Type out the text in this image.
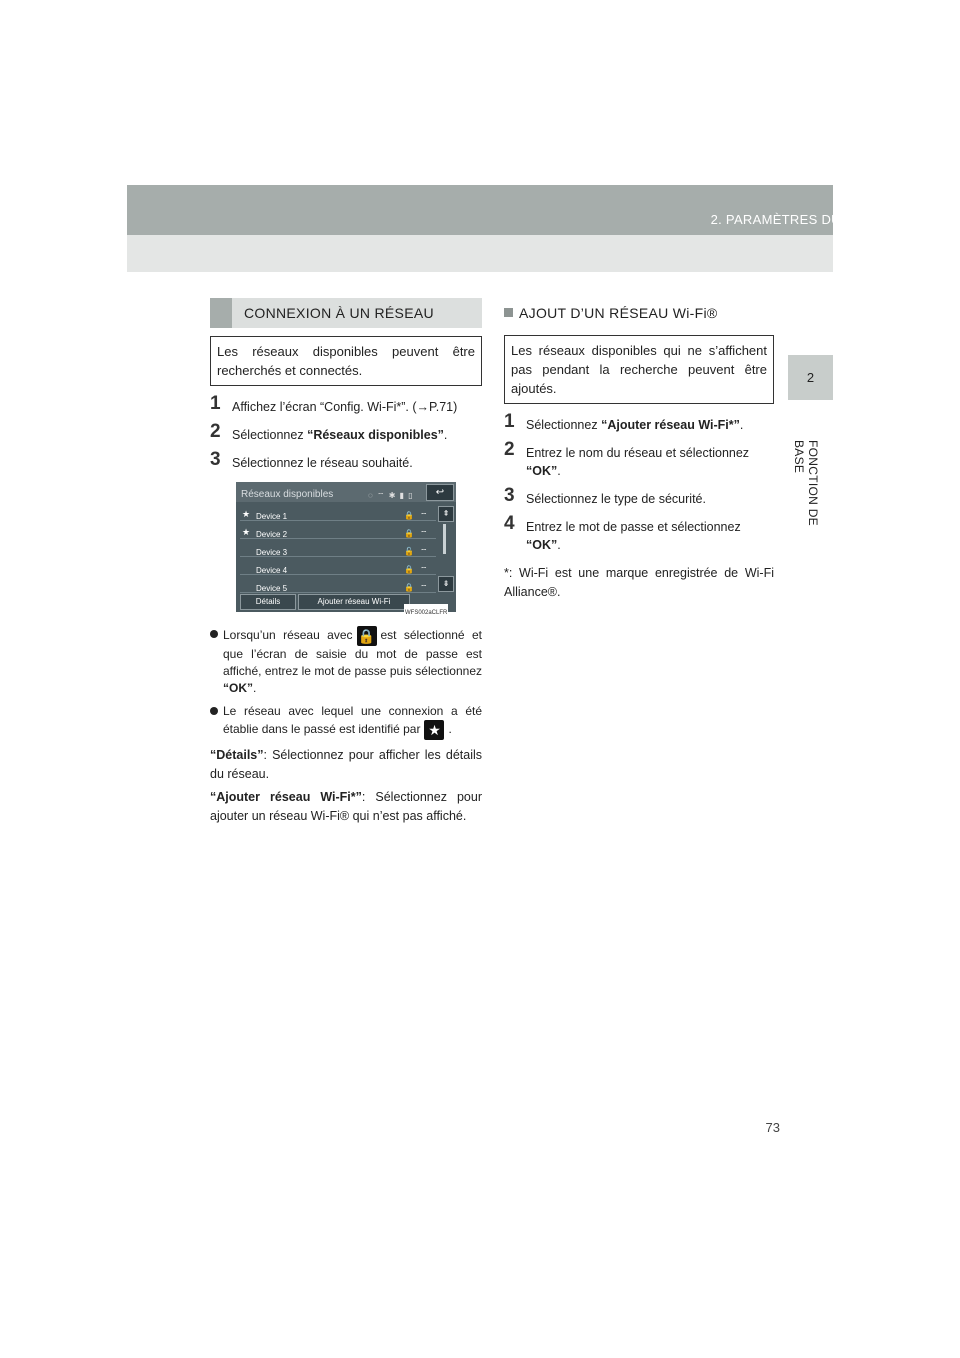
2. PARAMÈTRES DU RÉSEAU
2
FONCTION DE BASE
CONNEXION À UN RÉSEAU
Les réseaux disponibles peuvent être recherchés et connectés.
1 Affichez l’écran “Config. Wi-Fi*”. (→P.71)
2 Sélectionnez “Réseaux disponibles”.
3 Sélectionnez le réseau souhaité.
Réseaux disponibles	◌ ⌔ ✱ ▮ ▯	↩
★ Device 1	🔒 ⌔
★ Device 2	🔒 ⌔
Device 3	🔓 ⌔
Device 4	🔒 ⌔
Device 5	🔒 ⌔
⇞
⇟
Détails	Ajouter réseau Wi-Fi
WFS002aCLFR
Lorsqu’un réseau avec 🔒 est sélectionné et que l’écran de saisie du mot de passe est affiché, entrez le mot de passe puis sélectionnez “OK”.
Le réseau avec lequel une connexion a été établie dans le passé est identifié par ★ .
“Détails”: Sélectionnez pour afficher les détails du réseau.
“Ajouter réseau Wi-Fi*”: Sélectionnez pour ajouter un réseau Wi-Fi® qui n’est pas affiché.
AJOUT D’UN RÉSEAU Wi-Fi®
Les réseaux disponibles qui ne s’affichent pas pendant la recherche peuvent être ajoutés.
1 Sélectionnez “Ajouter réseau Wi-Fi*”.
2 Entrez le nom du réseau et sélectionnez “OK”.
3 Sélectionnez le type de sécurité.
4 Entrez le mot de passe et sélectionnez “OK”.
*: Wi-Fi est une marque enregistrée de Wi-Fi Alliance®.
73
